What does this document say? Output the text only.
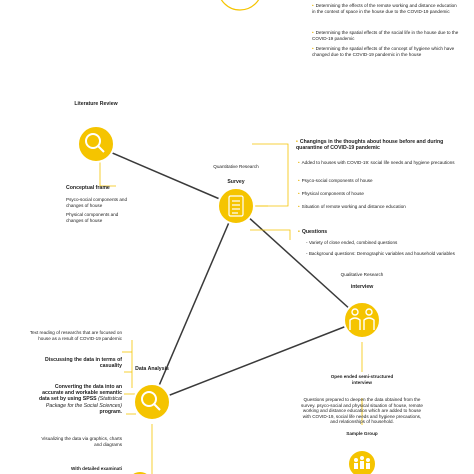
• Determining the effects of the remote working and distance education in the context of space in the house due to the COVID-19 pandemic
• Determining the spatial effects of the social life in the house due to the COVID-19 pandemic
• Determining the spatial effects of the concept of hygiene which have changed due to the COVID-19 pandemic in the house
Literature Review
Conceptual frame
Psyco-social components and changes of house
Physical components and changes of house
Quantitative Research
Survey
• Changings in the thoughts about house before and during quarantine of COVID-19 pandemic
• Added to houses with COVID-19: social life needs and hygiene precautions
• Psyco-social components of house
• Physical components of house
• Situation of remote working and distance education
• Questions
- Variety of close ended, combined questions
- Background questions: Demographic variables and household variables
Qualitative Research
interview
Open ended semi-structured interview
Questions prepared to deepen the data obtained from the survey. psyco-social and physical situation of house, remote working and distance education which are added to house with COVID-19, social life needs and hygiene precautions, and relationships of household.
Sample Group
Data Analysis
Text reading of researchs that are focused on house as a result of COVID-19 pandemic
Discussing the data in terms of casuality
Converting the data into an accurate and workable semantic data set by using SPSS (Statistical Package for the Social Sciences) program.
Visualizing the data via graphics, charts and diagrams
With detailed examinati
